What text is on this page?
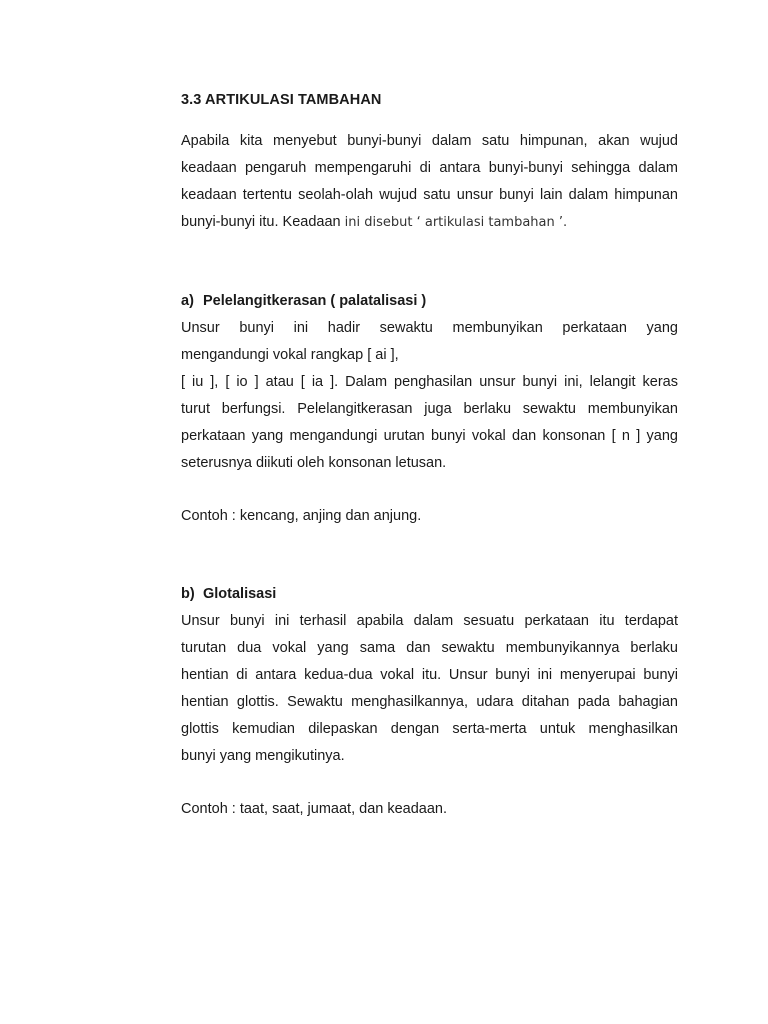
3.3 ARTIKULASI TAMBAHAN

Apabila kita menyebut bunyi-bunyi dalam satu himpunan, akan wujud
keadaan pengaruh mempengaruhi di antara bunyi-bunyi sehingga dalam
keadaan tertentu seolah-olah wujud satu unsur bunyi lain dalam himpunan
bunyi-bunyi itu. Keadaan ini disebut ‘ artikulasi tambahan ’.

a) Pelelangitkerasan ( palatalisasi )

Unsur bunyi ini hadir sewaktu membunyikan perkataan yang
mengandungi vokal rangkap [ ai ],
[ iu ], [ io ] atau [ ia ]. Dalam penghasilan unsur bunyi ini, lelangit keras
turut berfungsi. Pelelangitkerasan juga berlaku sewaktu membunyikan
perkataan yang mengandungi urutan bunyi vokal dan konsonan [ n ] yang
seterusnya diikuti oleh konsonan letusan.

Contoh : kencang, anjing dan anjung.

b) Glotalisasi

Unsur bunyi ini terhasil apabila dalam sesuatu perkataan itu terdapat
turutan dua vokal yang sama dan sewaktu membunyikannya berlaku
hentian di antara kedua-dua vokal itu. Unsur bunyi ini menyerupai bunyi
hentian glottis. Sewaktu menghasilkannya, udara ditahan pada bahagian
glottis kemudian dilepaskan dengan serta-merta untuk menghasilkan
bunyi yang mengikutinya.

Contoh : taat, saat, jumaat, dan keadaan.
